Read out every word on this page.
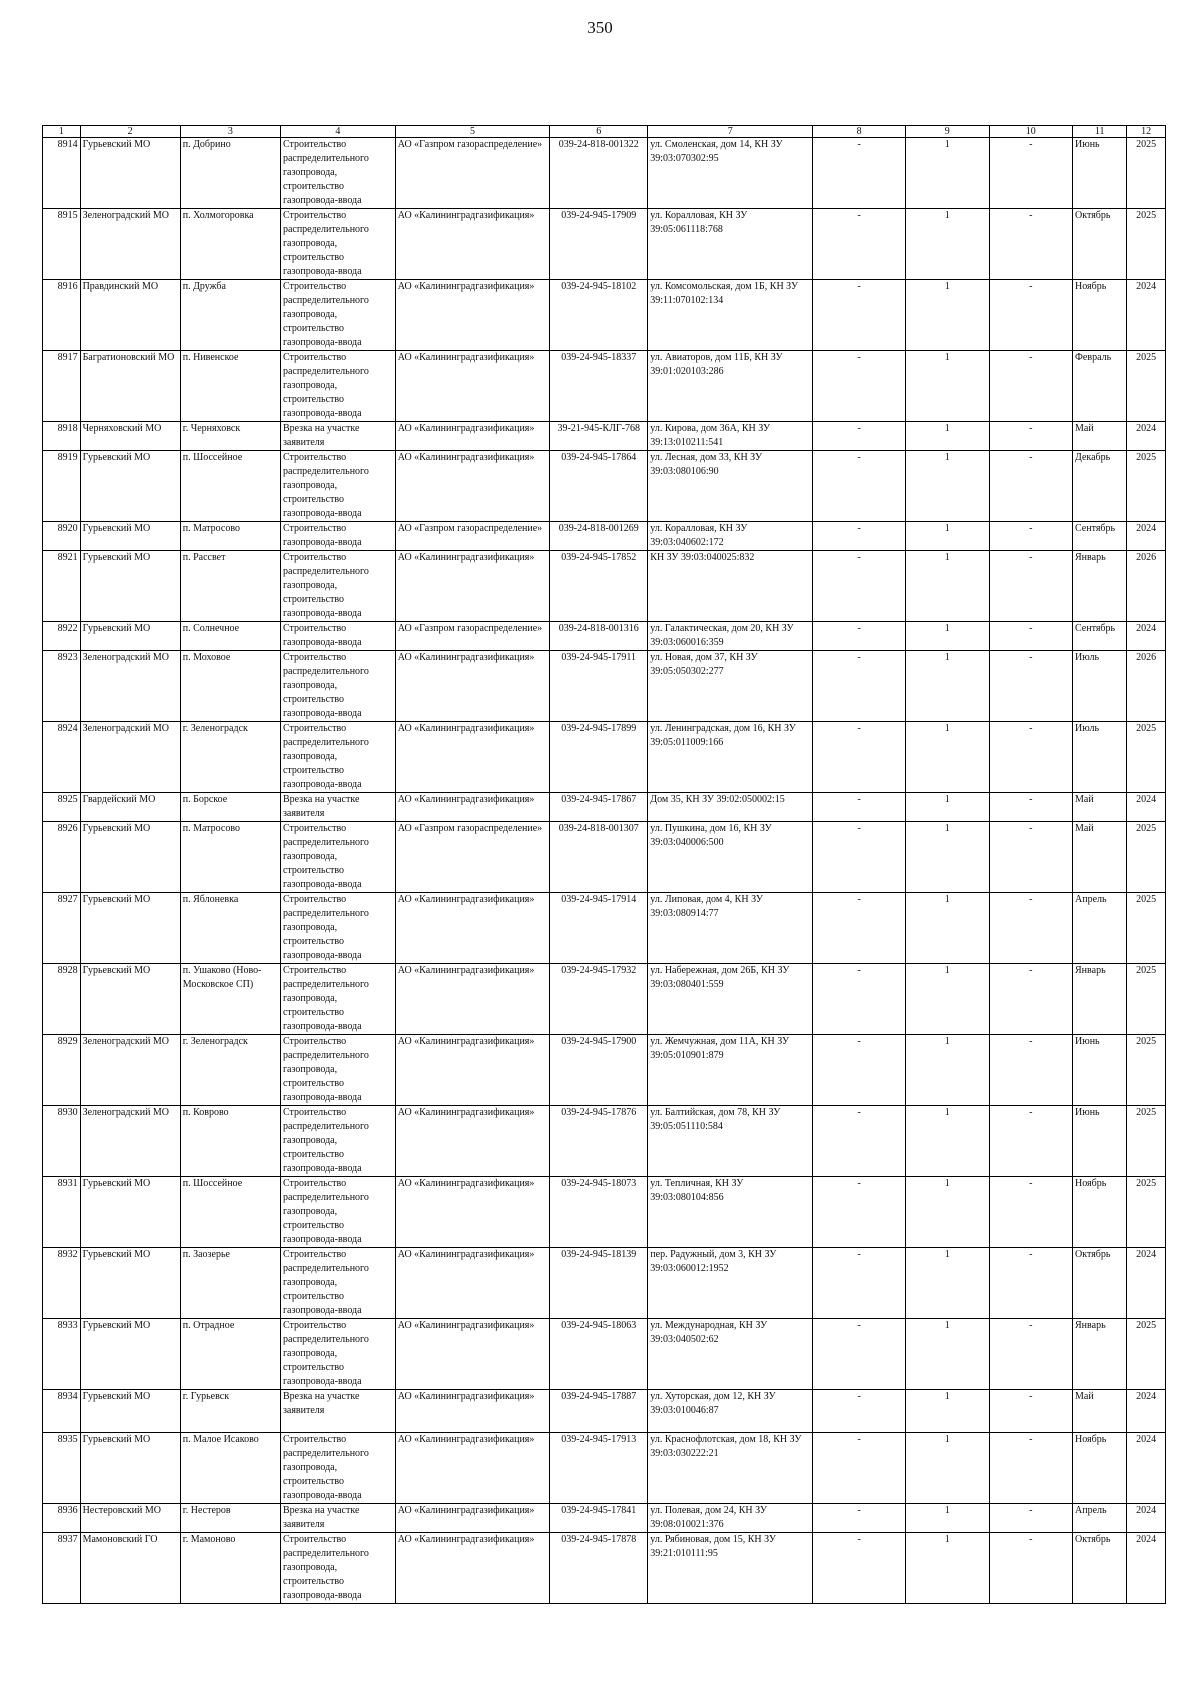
350
1	2	3	4	5	6	7	8	9	10	11	12
8914	Гурьевский МО	п. Добрино	Строительство распределительного газопровода, строительство газопровода-ввода	АО «Газпром газораспределение»	039-24-818-001322	ул. Смоленская, дом 14, КН ЗУ 39:03:070302:95	-	1	-	Июнь	2025
8915	Зеленоградский МО	п. Холмогоровка	Строительство распределительного газопровода, строительство газопровода-ввода	АО «Калининградгазификация»	039-24-945-17909	ул. Коралловая, КН ЗУ 39:05:061118:768	-	1	-	Октябрь	2025
8916	Правдинский МО	п. Дружба	Строительство распределительного газопровода, строительство газопровода-ввода	АО «Калининградгазификация»	039-24-945-18102	ул. Комсомольская, дом 1Б, КН ЗУ 39:11:070102:134	-	1	-	Ноябрь	2024
8917	Багратионовский МО	п. Нивенское	Строительство распределительного газопровода, строительство газопровода-ввода	АО «Калининградгазификация»	039-24-945-18337	ул. Авиаторов, дом 11Б, КН ЗУ 39:01:020103:286	-	1	-	Февраль	2025
8918	Черняховский МО	г. Черняховск	Врезка на участке заявителя	АО «Калининградгазификация»	39-21-945-КЛГ-768	ул. Кирова, дом 36А, КН ЗУ 39:13:010211:541	-	1	-	Май	2024
8919	Гурьевский МО	п. Шоссейное	Строительство распределительного газопровода, строительство газопровода-ввода	АО «Калининградгазификация»	039-24-945-17864	ул. Лесная, дом 33, КН ЗУ 39:03:080106:90	-	1	-	Декабрь	2025
8920	Гурьевский МО	п. Матросово	Строительство газопровода-ввода	АО «Газпром газораспределение»	039-24-818-001269	ул. Коралловая, КН ЗУ 39:03:040602:172	-	1	-	Сентябрь	2024
8921	Гурьевский МО	п. Рассвет	Строительство распределительного газопровода, строительство газопровода-ввода	АО «Калининградгазификация»	039-24-945-17852	КН ЗУ 39:03:040025:832	-	1	-	Январь	2026
8922	Гурьевский МО	п. Солнечное	Строительство газопровода-ввода	АО «Газпром газораспределение»	039-24-818-001316	ул. Галактическая, дом 20, КН ЗУ 39:03:060016:359	-	1	-	Сентябрь	2024
8923	Зеленоградский МО	п. Моховое	Строительство распределительного газопровода, строительство газопровода-ввода	АО «Калининградгазификация»	039-24-945-17911	ул. Новая, дом 37, КН ЗУ 39:05:050302:277	-	1	-	Июль	2026
8924	Зеленоградский МО	г. Зеленоградск	Строительство распределительного газопровода, строительство газопровода-ввода	АО «Калининградгазификация»	039-24-945-17899	ул. Ленинградская, дом 16, КН ЗУ 39:05:011009:166	-	1	-	Июль	2025
8925	Гвардейский МО	п. Борское	Врезка на участке заявителя	АО «Калининградгазификация»	039-24-945-17867	Дом 35, КН ЗУ 39:02:050002:15	-	1	-	Май	2024
8926	Гурьевский МО	п. Матросово	Строительство распределительного газопровода, строительство газопровода-ввода	АО «Газпром газораспределение»	039-24-818-001307	ул. Пушкина, дом 16, КН ЗУ 39:03:040006:500	-	1	-	Май	2025
8927	Гурьевский МО	п. Яблоневка	Строительство распределительного газопровода, строительство газопровода-ввода	АО «Калининградгазификация»	039-24-945-17914	ул. Липовая, дом 4, КН ЗУ 39:03:080914:77	-	1	-	Апрель	2025
8928	Гурьевский МО	п. Ушаково (Ново-Московское СП)	Строительство распределительного газопровода, строительство газопровода-ввода	АО «Калининградгазификация»	039-24-945-17932	ул. Набережная, дом 26Б, КН ЗУ 39:03:080401:559	-	1	-	Январь	2025
8929	Зеленоградский МО	г. Зеленоградск	Строительство распределительного газопровода, строительство газопровода-ввода	АО «Калининградгазификация»	039-24-945-17900	ул. Жемчужная, дом 11А, КН ЗУ 39:05:010901:879	-	1	-	Июнь	2025
8930	Зеленоградский МО	п. Коврово	Строительство распределительного газопровода, строительство газопровода-ввода	АО «Калининградгазификация»	039-24-945-17876	ул. Балтийская, дом 78, КН ЗУ 39:05:051110:584	-	1	-	Июнь	2025
8931	Гурьевский МО	п. Шоссейное	Строительство распределительного газопровода, строительство газопровода-ввода	АО «Калининградгазификация»	039-24-945-18073	ул. Тепличная, КН ЗУ 39:03:080104:856	-	1	-	Ноябрь	2025
8932	Гурьевский МО	п. Заозерье	Строительство распределительного газопровода, строительство газопровода-ввода	АО «Калининградгазификация»	039-24-945-18139	пер. Радужный, дом 3, КН ЗУ 39:03:060012:1952	-	1	-	Октябрь	2024
8933	Гурьевский МО	п. Отрадное	Строительство распределительного газопровода, строительство газопровода-ввода	АО «Калининградгазификация»	039-24-945-18063	ул. Международная, КН ЗУ 39:03:040502:62	-	1	-	Январь	2025
8934	Гурьевский МО	г. Гурьевск	Врезка на участке заявителя	АО «Калининградгазификация»	039-24-945-17887	ул. Хуторская, дом 12, КН ЗУ 39:03:010046:87	-	1	-	Май	2024
8935	Гурьевский МО	п. Малое Исаково	Строительство распределительного газопровода, строительство газопровода-ввода	АО «Калининградгазификация»	039-24-945-17913	ул. Краснофлотская, дом 18, КН ЗУ 39:03:030222:21	-	1	-	Ноябрь	2024
8936	Нестеровский МО	г. Нестеров	Врезка на участке заявителя	АО «Калининградгазификация»	039-24-945-17841	ул. Полевая, дом 24, КН ЗУ 39:08:010021:376	-	1	-	Апрель	2024
8937	Мамоновский ГО	г. Мамоново	Строительство распределительного газопровода, строительство газопровода-ввода	АО «Калининградгазификация»	039-24-945-17878	ул. Рябиновая, дом 15, КН ЗУ 39:21:010111:95	-	1	-	Октябрь	2024
